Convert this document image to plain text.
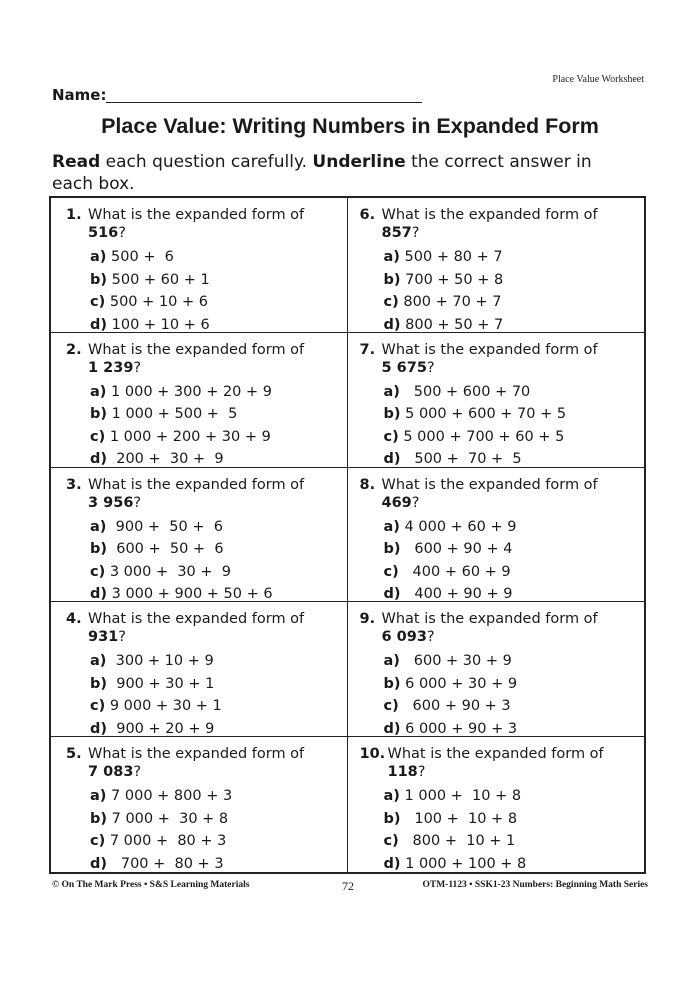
Place Value Worksheet
Name:
Place Value: Writing Numbers in Expanded Form
Read each question carefully. Underline the correct answer in each box.
1. What is the expanded form of
516?
a) 500 +  6
b) 500 + 60 + 1
c) 500 + 10 + 6
d) 100 + 10 + 6
6. What is the expanded form of
857?
a) 500 + 80 + 7
b) 700 + 50 + 8
c) 800 + 70 + 7
d) 800 + 50 + 7
2. What is the expanded form of
1 239?
a) 1 000 + 300 + 20 + 9
b) 1 000 + 500 +  5
c) 1 000 + 200 + 30 + 9
d)  200 +  30 +  9
7. What is the expanded form of
5 675?
a)   500 + 600 + 70
b) 5 000 + 600 + 70 + 5
c) 5 000 + 700 + 60 + 5
d)   500 +  70 +  5
3. What is the expanded form of
3 956?
a)  900 +  50 +  6
b)  600 +  50 +  6
c) 3 000 +  30 +  9
d) 3 000 + 900 + 50 + 6
8. What is the expanded form of
469?
a) 4 000 + 60 + 9
b)   600 + 90 + 4
c)   400 + 60 + 9
d)   400 + 90 + 9
4. What is the expanded form of
931?
a)  300 + 10 + 9
b)  900 + 30 + 1
c) 9 000 + 30 + 1
d)  900 + 20 + 9
9. What is the expanded form of
6 093?
a)   600 + 30 + 9
b) 6 000 + 30 + 9
c)   600 + 90 + 3
d) 6 000 + 90 + 3
5. What is the expanded form of
7 083?
a) 7 000 + 800 + 3
b) 7 000 +  30 + 8
c) 7 000 +  80 + 3
d)   700 +  80 + 3
10. What is the expanded form of
118?
a) 1 000 +  10 + 8
b)   100 +  10 + 8
c)   800 +  10 + 1
d) 1 000 + 100 + 8
© On The Mark Press • S&S Learning Materials	72	OTM-1123 • SSK1-23 Numbers: Beginning Math Series
